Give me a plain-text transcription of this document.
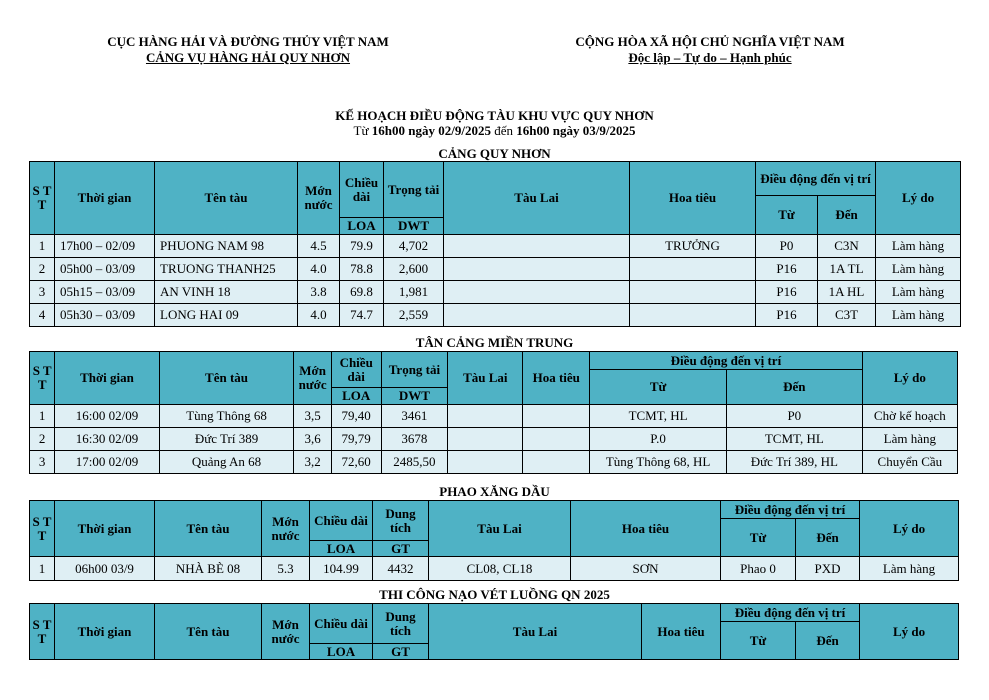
CỤC HÀNG HẢI VÀ ĐƯỜNG THỦY VIỆT NAM
CẢNG VỤ HÀNG HẢI QUY NHƠN
CỘNG HÒA XÃ HỘI CHỦ NGHĨA VIỆT NAM
Độc lập – Tự do – Hạnh phúc
KẾ HOẠCH ĐIỀU ĐỘNG TÀU KHU VỰC QUY NHƠN
Từ 16h00 ngày 02/9/2025 đến 16h00 ngày 03/9/2025
CẢNG QUY NHƠN
S T T	Thời gian	Tên tàu	Mớn nước	Chiều dài	Trọng tải	Tàu Lai	Hoa tiêu	Điều động đến vị trí		Lý do
								Từ	Đến	
				LOA	DWT					
1	17h00 – 02/09	PHUONG NAM 98	4.5	79.9	4,702		TRƯỞNG	P0	C3N	Làm hàng
2	05h00 – 03/09	TRUONG THANH25	4.0	78.8	2,600			P16	1A TL	Làm hàng
3	05h15 – 03/09	AN VINH 18	3.8	69.8	1,981			P16	1A HL	Làm hàng
4	05h30 – 03/09	LONG HAI 09	4.0	74.7	2,559			P16	C3T	Làm hàng
TÂN CẢNG MIỀN TRUNG
S T T	Thời gian	Tên tàu	Mớn nước	Chiều dài	Trọng tải	Tàu Lai	Hoa tiêu	Điều động đến vị trí		Lý do
								Từ	Đến	
				LOA	DWT					
1	16:00 02/09	Tùng Thông 68	3,5	79,40	3461			TCMT, HL	P0	Chờ kế hoạch
2	16:30 02/09	Đức Trí 389	3,6	79,79	3678			P.0	TCMT, HL	Làm hàng
3	17:00 02/09	Quảng An 68	3,2	72,60	2485,50			Tùng Thông 68, HL	Đức Trí 389, HL	Chuyển Cầu
PHAO XĂNG DẦU
S T T	Thời gian	Tên tàu	Mớn nước	Chiều dài	Dung tích	Tàu Lai	Hoa tiêu	Điều động đến vị trí		Lý do
								Từ	Đến	
				LOA	GT					
1	06h00 03/9	NHÀ BÈ 08	5.3	104.99	4432	CL08, CL18	SƠN	Phao 0	PXD	Làm hàng
THI CÔNG NẠO VÉT LUỒNG QN 2025
S T T	Thời gian	Tên tàu	Mớn nước	Chiều dài	Dung tích	Tàu Lai	Hoa tiêu	Điều động đến vị trí		Lý do
								Từ	Đến	
				LOA	GT					
